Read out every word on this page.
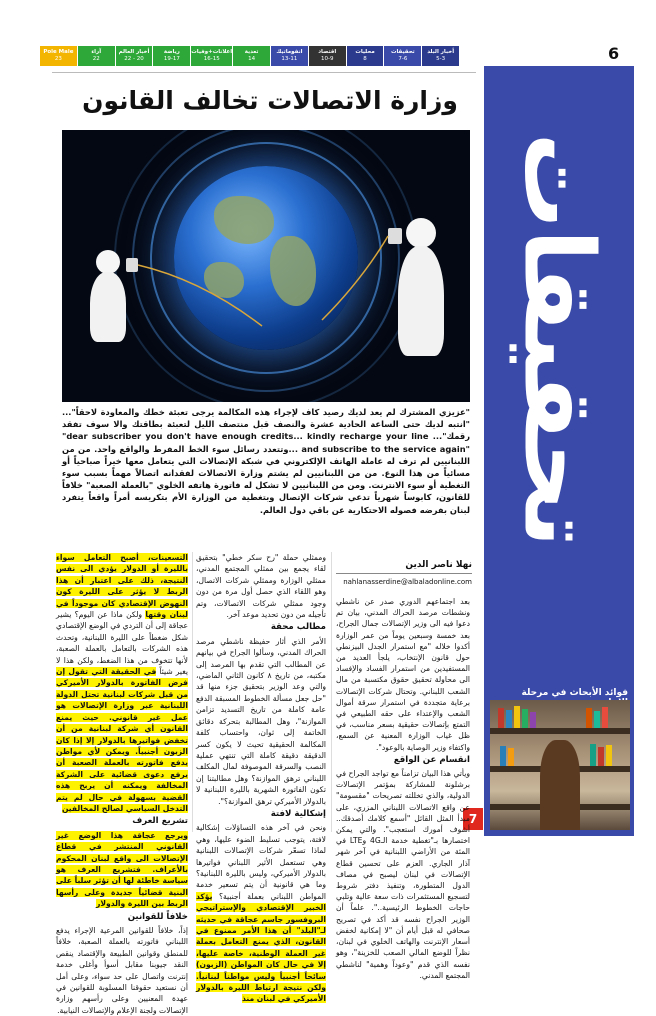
Pole Male
23
آراء
22
أخبار العالم
22 - 20
رياضة
19-17
اعلانات+وفيات
16-15
تعدية
14
انفوماتيك
13-11
اقتصاد
10-9
محليات
8
تحقيقات
7-6
أخبار البلد
5-3	6
تحقيقات
فوائد الأبحاث في مرحلة
7
وزارة الاتصالات تخالف القانون
"عزيزي المشترك لم يعد لديك رصيد كاف لإجراء هذه المكالمة يرجى تعبئة خطك والمعاودة لاحقاً"... "انتبه لديك حتى الساعة الحادية عشرة والنصف قبل منتصف الليل لتعبئة بطاقتك والا سوف تفقد رقمك"... "dear subscriber you don't have enough credits... kindly recharge your line and subscribe to the service again" ...وتتعدد رسائل سوء الخط المفرط والواقع واحد. من من اللبنانيين لم ترف له عاملة الهاتف الإلكتروني في شبكة الإتصالات التي يتعامل معها خيراً صباحياً أو مسائياً من هذا النوع. من من اللبنانيين لم يشتم وزارة الاتصالات لفقدانه اتصالاً مهماً بسبب سوء التغطية أو سوء الانترنت. ومن من اللبنانيين لا تشكل له فاتورة هاتفه الخلوي "بالعملة الصعبة" خلافاً للقانون، كابوساً شهرياً تدعي شركات الإتصال وبتغطية من الوزارة الأم بتكريسه أمراً واقعاً يتفرد لبنان بفرضه فصوله الاحتكارية عن باقي دول العالم.
نهلا ناصر الدين
nahlanasserdine@albaladonline.com
بعد اجتماعهم الدوري صدر عن ناشطي ونشطات مرصد الحراك المدني، بيان تم دعوا فيه الى وزير الإتصالات جمال الجراح، بعد خمسة وسبعين يوماً من عمر الوزارة أكدوا خلاله "مع استمرار الجدل البيزنطي حول قانون الإنتخاب، يلجأ العديد من المستفيدين من استمرار الفساد والإفساد الى محاولة تحقيق حقوق مكتسبة من مال الشعب اللبناني. وتحتال شركات الإتصالات برعاية متجددة في استمرار سرقة أموال الشعب والإعتداء على حقه الطبيعي في التمتع بإتصالات حقيقية بسعر مناسب، في ظل غياب الوزارة المعنية عن السمع، واكتفاء وزير الوصاية بالوعود".
انقسام عن الواقع
ويأتي هذا البيان تزامناً مع تواجد الجراح في برشلونة للمشاركة بمؤتمر الإتصالات الدولية، والذي تخللته تصريحات "مقسومة" عن واقع الاتصالات اللبناني المزري، على مبدأ المثل القائل "أسمع كلامك أصدقك.. أشوف أمورك استعجب". والتي يمكن اختصارها بـ"تغطية خدمة الـ4G وLTE في المئة من الأراضي اللبنانية في آخر شهر آذار الجاري. العزم على تحسين قطاع الإتصالات في لبنان ليصبح في مصاف الدول المتطورة، وتنفيذ دفتر شروط لتسجيع المستثمرات ذات سعة عالية وتلبي حاجات الخطوط الرئيسية..". علماً أن الوزير الجراح نفسه قد أكد في تصريح صحافي له قبل أيام أن "لا إمكانية لخفض أسعار الإنترنت والهاتف الخلوي في لبنان، نظراً للوضع المالي الصعب للخزينة"، وهو نفسه الذي قدم "وعوداً وهمية" لناشطي المجتمع المدني.
وممثلي حملة "رح سكر خطي" بتحقيق لقاء يجمع بين ممثلي المجتمع المدني، ممثلي الوزارة وممثلي شركات الاتصال، وهو اللقاء الذي حصل أول مرة من دون وجود ممثلي شركات الاتصالات، وتم تأجيله من دون تحديد موعد آخر.
مطالب محقة
الأمر الذي أثار حفيظة ناشطي مرصد الحراك المدني، وسألوا الجراح في بيانهم عن المطالب التي تقدم بها المرصد إلى مكتبه، من تاريخ ٨ كانون الثاني الماضي، والتي وعد الوزير بتحقيق جزء منها قد "حل جعل مسألة الخطوط المسبقة الدفع عامة كاملة من تاريخ التسديد تزامن الموازنة"، وهل المطالبة بتحركة دقائق الخاتمة إلى ثوان، واحتساب كلفة المكالمة الحقيقية تحيث لا يكون كسر الدقيقة دقيقة كاملة التي تنتهي عملية النصب والسرقة الموصوفة لمال المكلف اللبناني ترهق الموازنة؟ وهل مطالبتنا إن تكون الفاتورة الشهرية بالليرة اللبنانية لا بالدولار الأميركي ترهق الموازنة؟".
إشكالية لافتة
ونحن في آخر هذه التساؤلات إشكالية لافتة، يتوجب تسليط الضوء عليها، وهي لماذا تسعّر شركات الإتصالات اللبنانية وهي تستعمل الأثير اللبناني فواتيرها بالدولار الأميركي، وليس بالليرة اللبنانية؟ وما هي قانونية أن يتم تسعير خدمة المواطن اللبناني بعملة أجنبية؟ يؤكد الخبير الإقتصادي والإستراتيجي البروفسور جاسم عجاقة في حديثه لـ"البلد" أن هذا الأمر ممنوع في القانون، الذي يمنع التعامل بعملة غير العملة الوطنية، خاصة عليها، إلا في حال كان المواطن (الزبون) سائحاً أجنبياً وليس مواطناً لبنانياً. ولكن نتيجة ارتباط الليرة بالدولار الأميركي في لبنان منذ
التسعينات، أصبح التعامل سواء بالليرة أو الدولار يؤدي الى نفس النتيجة، ذلك على اعتبار أن هذا الربط لا يؤثر على الليرة كون النهوض الإقتصادي كان موجوداً في لبنان وقتها ولكن ماذا عن اليوم؟ يشير عجاقة إلى أن التردي في الوضع الإقتصادي شكل ضغطاً على الليرة اللبنانية، وتحدث هذه الشركات بالتعامل بالعملة الصعبة، لأنها تتخوف من هذا الضغط، ولكن هذا لا يغير شيئاً في الحقيقة التي تقول إن فرض الفاتورة بالدولار الأميركي من قبل شركات لبنانية تحتل الدولة اللبنانية عبر وزارة الإتصالات هو عمل غير قانوني. حيث يمنع القانون أي شركة لبنانية من أن تخفض فواتيرها بالدولار إلا إذا كان الزبون أجنبياً. ويمكن لأي مواطن يدفع فاتورته بالعملة الصعبة أن يرفع دعوى قضائية على الشركة المخالفة ويمكنه أن يربح هذه القضية بسهولة في حال لم يتم التدخل السياسي لصالح المخالفين
تشريع العرف
ويرجع عجاقة هذا الوضع غير القانوني المنتشر في قطاع الإتصالات الى واقع لبنان المحكوم بالأعراف. فتشريع العرف هو سياسة خاطئة لها أن تؤثر سلباً على البنية قضائياً جديدة وعلى رأسها الربط بين الليرة والدولار
خلافاً للقوانين
إذاً، خلافاً للقوانين المرعية الإجراء يدفع اللبناني فاتورته بالعملة الصعبة، خلافاً للمنطق وقوانين الطبيعة والإقتصاد ينقص النقد جيوبنا مقابل أسوأ وأغلى خدمة إنترنت واتصال على حد سواء، وعلى أمل أن نستعيد حقوقنا المسلوبة للقوانين في عهدة المعنيين وعلى رأسهم وزارة الإتصالات ولجنة الإعلام والإتصالات النيابية.
